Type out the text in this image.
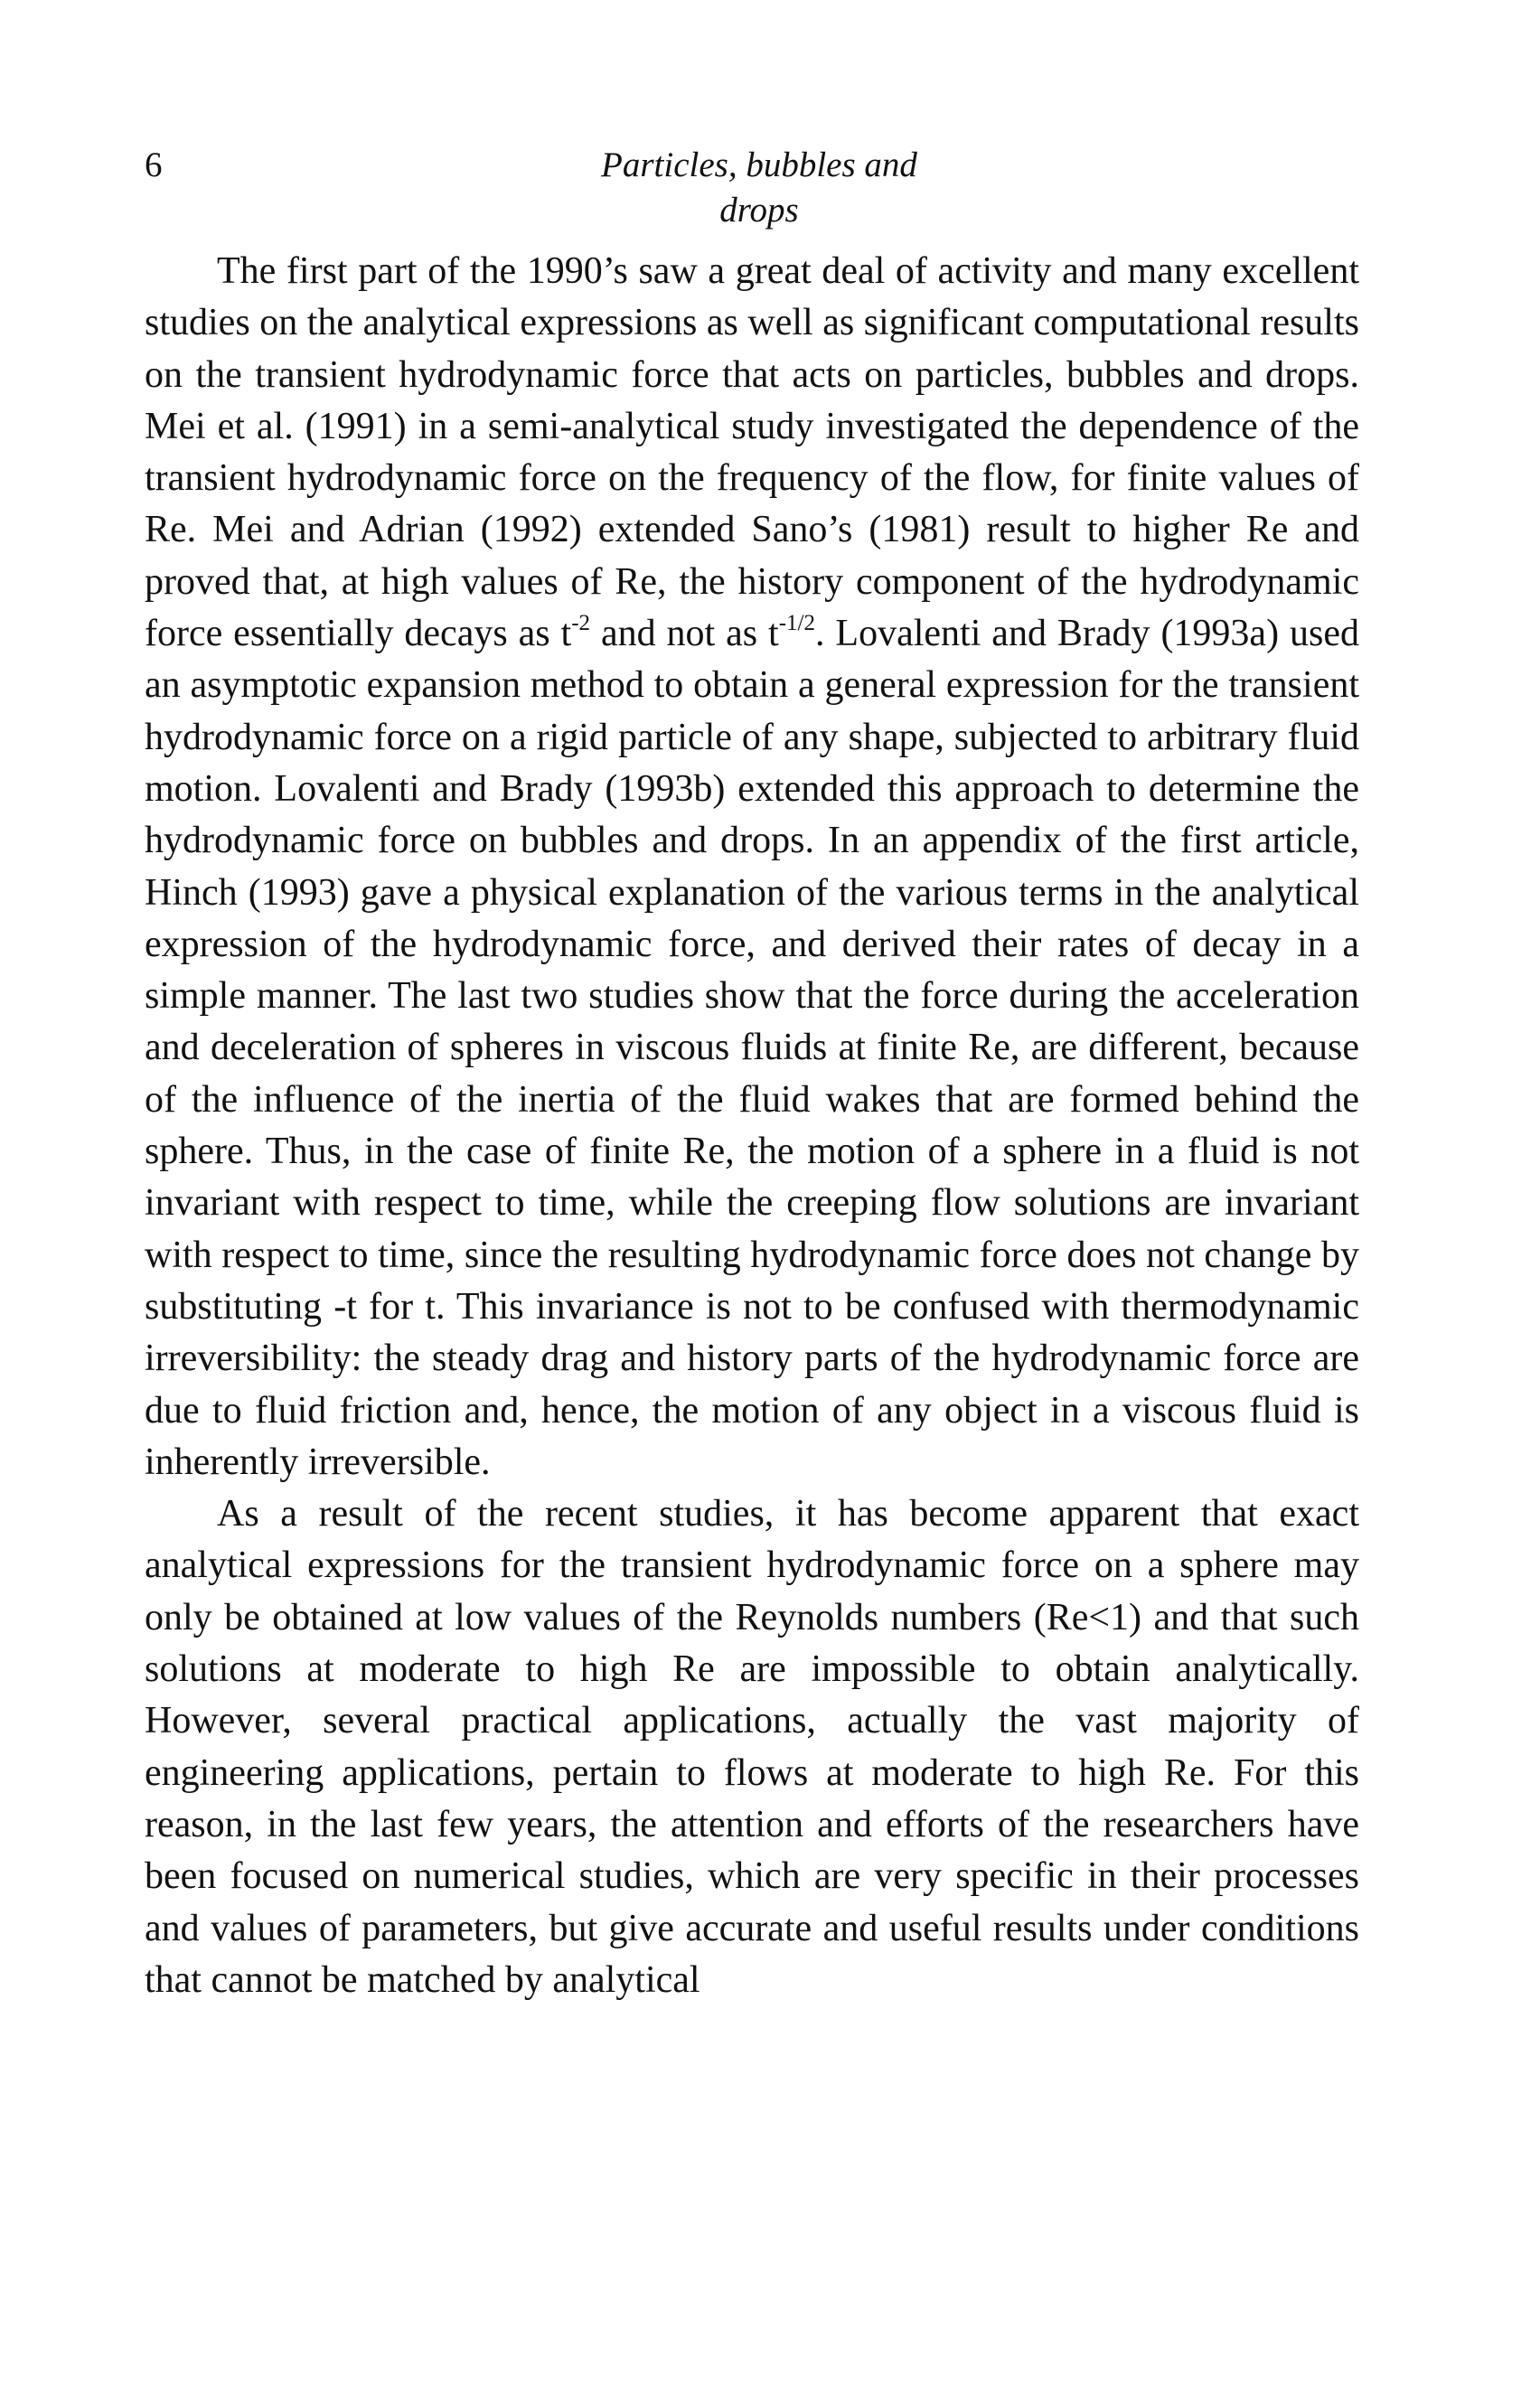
6	Particles, bubbles and drops

The first part of the 1990’s saw a great deal of activity and many excellent studies on the analytical expressions as well as significant computational results on the transient hydrodynamic force that acts on particles, bubbles and drops. Mei et al. (1991) in a semi-analytical study investigated the dependence of the transient hydrodynamic force on the frequency of the flow, for finite values of Re. Mei and Adrian (1992) extended Sano’s (1981) result to higher Re and proved that, at high values of Re, the history component of the hydrodynamic force essentially decays as $t^{-2}$ and not as $t^{-1/2}$. Lovalenti and Brady (1993a) used an asymptotic expansion method to obtain a general expression for the transient hydrodynamic force on a rigid particle of any shape, subjected to arbitrary fluid motion. Lovalenti and Brady (1993b) extended this approach to determine the hydrodynamic force on bubbles and drops. In an appendix of the first article, Hinch (1993) gave a physical explanation of the various terms in the analytical expression of the hydrodynamic force, and derived their rates of decay in a simple manner. The last two studies show that the force during the acceleration and deceleration of spheres in viscous fluids at finite Re, are different, because of the influence of the inertia of the fluid wakes that are formed behind the sphere. Thus, in the case of finite Re, the motion of a sphere in a fluid is not invariant with respect to time, while the creeping flow solutions are invariant with respect to time, since the resulting hydrodynamic force does not change by substituting -t for t. This invariance is not to be confused with thermodynamic irreversibility: the steady drag and history parts of the hydrodynamic force are due to fluid friction and, hence, the motion of any object in a viscous fluid is inherently irreversible.

As a result of the recent studies, it has become apparent that exact analytical expressions for the transient hydrodynamic force on a sphere may only be obtained at low values of the Reynolds numbers (Re<1) and that such solutions at moderate to high Re are impossible to obtain analytically. However, several practical applications, actually the vast majority of engineering applications, pertain to flows at moderate to high Re. For this reason, in the last few years, the attention and efforts of the researchers have been focused on numerical studies, which are very specific in their processes and values of parameters, but give accurate and useful results under conditions that cannot be matched by analytical
